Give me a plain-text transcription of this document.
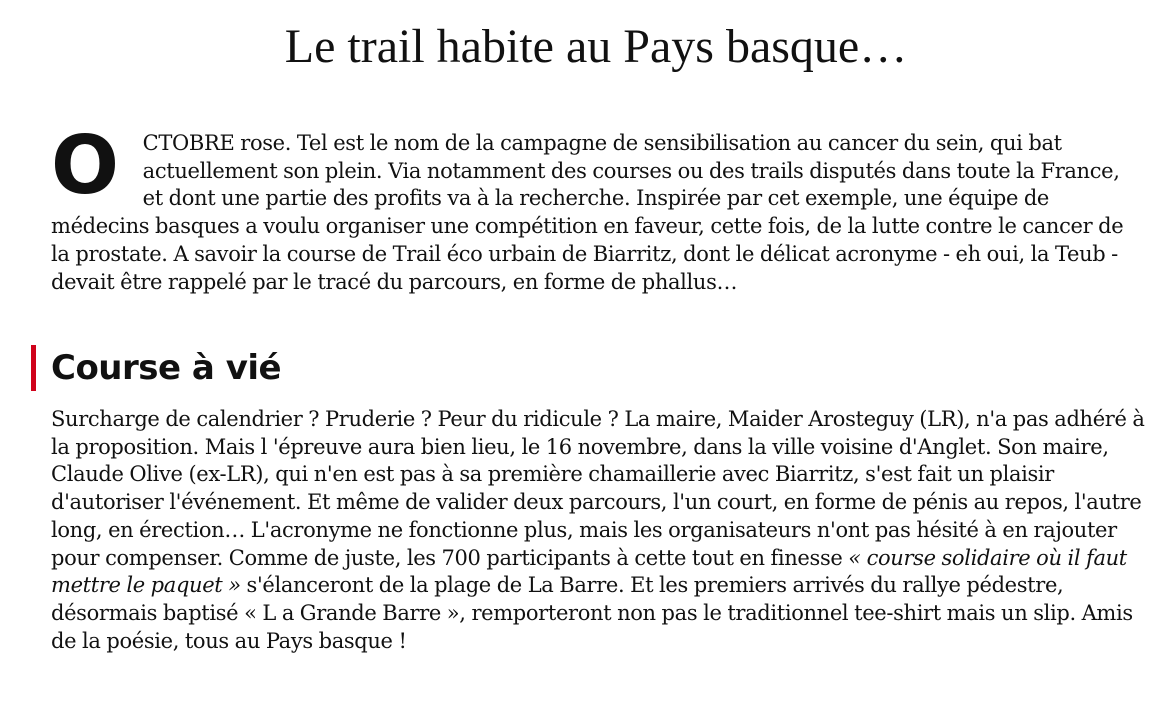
Le trail habite au Pays basque…

O CTOBRE rose. Tel est le nom de la campagne de sensibilisation au cancer du sein, qui bat actuellement son plein. Via notamment des courses ou des trails disputés dans toute la France, et dont une partie des profits va à la recherche. Inspirée par cet exemple, une équipe de médecins basques a voulu organiser une compétition en faveur, cette fois, de la lutte contre le cancer de la prostate. A savoir la course de Trail éco urbain de Biarritz, dont le délicat acronyme - eh oui, la Teub - devait être rappelé par le tracé du parcours, en forme de phallus…

Course à vié

Surcharge de calendrier ? Pruderie ? Peur du ridicule ? La maire, Maider Arosteguy (LR), n'a pas adhéré à la proposition. Mais l 'épreuve aura bien lieu, le 16 novembre, dans la ville voisine d'Anglet. Son maire, Claude Olive (ex-LR), qui n'en est pas à sa première chamaillerie avec Biarritz, s'est fait un plaisir d'autoriser l'événement. Et même de valider deux parcours, l'un court, en forme de pénis au repos, l'autre long, en érection… L'acronyme ne fonctionne plus, mais les organisateurs n'ont pas hésité à en rajouter pour compenser. Comme de juste, les 700 participants à cette tout en finesse « course solidaire où il faut mettre le paquet » s'élanceront de la plage de La Barre. Et les premiers arrivés du rallye pédestre, désormais baptisé « L a Grande Barre », remporteront non pas le traditionnel tee-shirt mais un slip. Amis de la poésie, tous au Pays basque !
